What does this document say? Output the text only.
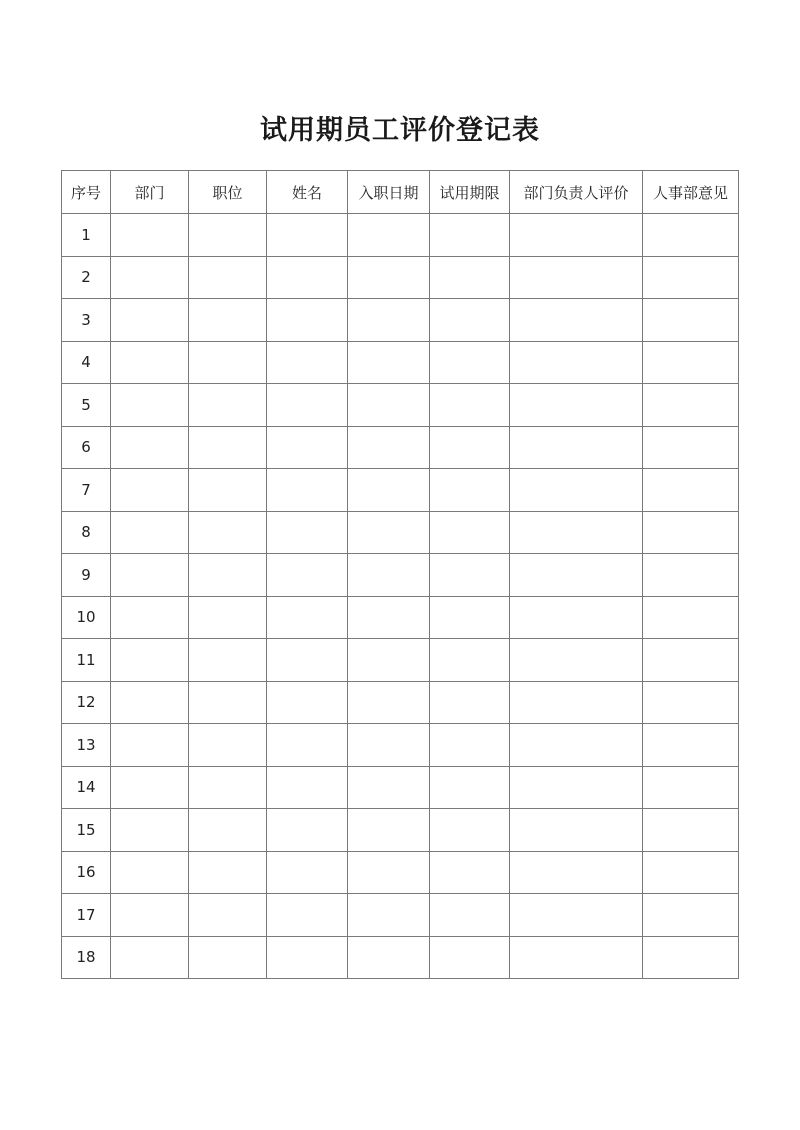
试用期员工评价登记表
序号	部门	职位	姓名	入职日期	试用期限	部门负责人评价	人事部意见
1							
2							
3							
4							
5							
6							
7							
8							
9							
10							
11							
12							
13							
14							
15							
16							
17							
18							
